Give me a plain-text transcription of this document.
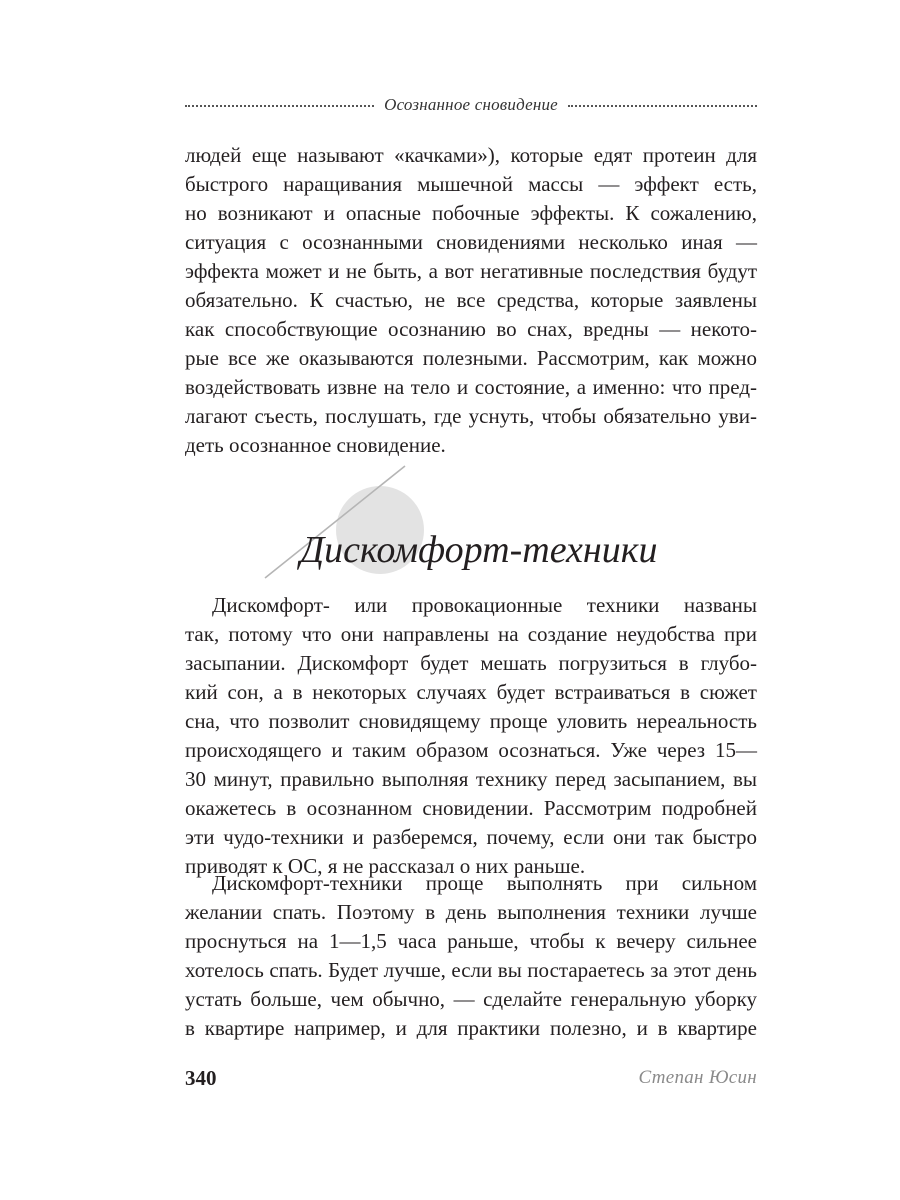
Осознанное сновидение
людей еще называют «качками»), которые едят протеин для
быстрого наращивания мышечной массы — эффект есть,
но возникают и опасные побочные эффекты. К сожалению,
ситуация с осознанными сновидениями несколько иная —
эффекта может и не быть, а вот негативные последствия будут
обязательно. К счастью, не все средства, которые заявлены
как способствующие осознанию во снах, вредны — некото-
рые все же оказываются полезными. Рассмотрим, как можно
воздействовать извне на тело и состояние, а именно: что пред-
лагают съесть, послушать, где уснуть, чтобы обязательно уви-
деть осознанное сновидение.
Дискомфорт-техники
Дискомфорт- или провокационные техники названы
так, потому что они направлены на создание неудобства при
засыпании. Дискомфорт будет мешать погрузиться в глубо-
кий сон, а в некоторых случаях будет встраиваться в сюжет
сна, что позволит сновидящему проще уловить нереальность
происходящего и таким образом осознаться. Уже через 15—
30 минут, правильно выполняя технику перед засыпанием, вы
окажетесь в осознанном сновидении. Рассмотрим подробней
эти чудо-техники и разберемся, почему, если они так быстро
приводят к ОС, я не рассказал о них раньше.
Дискомфорт-техники проще выполнять при сильном
желании спать. Поэтому в день выполнения техники лучше
проснуться на 1—1,5 часа раньше, чтобы к вечеру сильнее
хотелось спать. Будет лучше, если вы постараетесь за этот день
устать больше, чем обычно, — сделайте генеральную уборку
в квартире например, и для практики полезно, и в квартире
340	Степан Юсин
